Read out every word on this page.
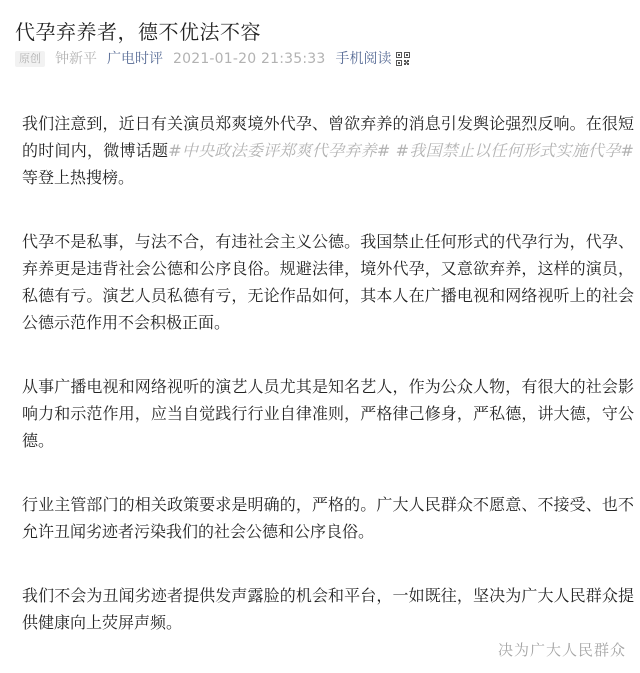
代孕弃养者，德不优法不容
原创 钟新平 广电时评 2021-01-20 21:35:33 手机阅读

我们注意到，近日有关演员郑爽境外代孕、曾欲弃养的消息引发舆论强烈反响。在很短的时间内，微博话题#中央政法委评郑爽代孕弃养# #我国禁止以任何形式实施代孕#等登上热搜榜。

代孕不是私事，与法不合，有违社会主义公德。我国禁止任何形式的代孕行为，代孕、弃养更是违背社会公德和公序良俗。规避法律，境外代孕，又意欲弃养，这样的演员，私德有亏。演艺人员私德有亏，无论作品如何，其本人在广播电视和网络视听上的社会公德示范作用不会积极正面。

从事广播电视和网络视听的演艺人员尤其是知名艺人，作为公众人物，有很大的社会影响力和示范作用，应当自觉践行行业自律准则，严格律己修身，严私德，讲大德，守公德。

行业主管部门的相关政策要求是明确的，严格的。广大人民群众不愿意、不接受、也不允许丑闻劣迹者污染我们的社会公德和公序良俗。

我们不会为丑闻劣迹者提供发声露脸的机会和平台，一如既往，坚决为广大人民群众提供健康向上荧屏声频。

决为广大人民群众
